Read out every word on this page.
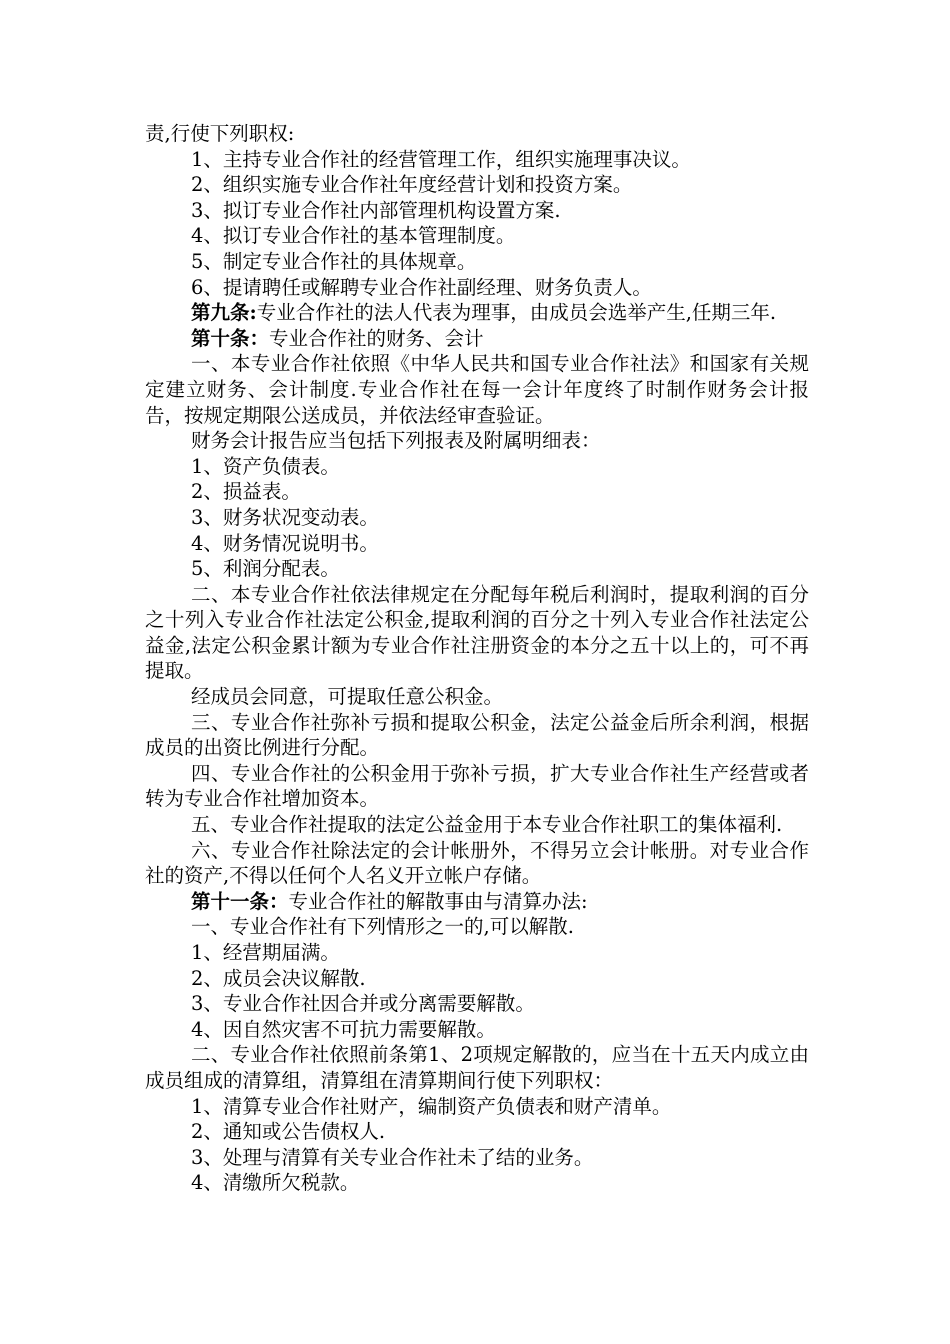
责,行使下列职权:

1、主持专业合作社的经营管理工作，组织实施理事决议。

2、组织实施专业合作社年度经营计划和投资方案。

3、拟订专业合作社内部管理机构设置方案.

4、拟订专业合作社的基本管理制度。

5、制定专业合作社的具体规章。

6、提请聘任或解聘专业合作社副经理、财务负责人。

第九条:专业合作社的法人代表为理事，由成员会选举产生,任期三年.

第十条：专业合作社的财务、会计

一、本专业合作社依照《中华人民共和国专业合作社法》和国家有关规定建立财务、会计制度.专业合作社在每一会计年度终了时制作财务会计报告，按规定期限公送成员，并依法经审查验证。

财务会计报告应当包括下列报表及附属明细表：

1、资产负债表。

2、损益表。

3、财务状况变动表。

4、财务情况说明书。

5、利润分配表。

二、本专业合作社依法律规定在分配每年税后利润时，提取利润的百分之十列入专业合作社法定公积金,提取利润的百分之十列入专业合作社法定公益金,法定公积金累计额为专业合作社注册资金的本分之五十以上的，可不再提取。

经成员会同意，可提取任意公积金。

三、专业合作社弥补亏损和提取公积金，法定公益金后所余利润，根据成员的出资比例进行分配。

四、专业合作社的公积金用于弥补亏损，扩大专业合作社生产经营或者转为专业合作社增加资本。

五、专业合作社提取的法定公益金用于本专业合作社职工的集体福利.

六、专业合作社除法定的会计帐册外，不得另立会计帐册。对专业合作社的资产,不得以任何个人名义开立帐户存储。

第十一条：专业合作社的解散事由与清算办法:

一、专业合作社有下列情形之一的,可以解散.

1、经营期届满。

2、成员会决议解散.

3、专业合作社因合并或分离需要解散。

4、因自然灾害不可抗力需要解散。

二、专业合作社依照前条第1、2项规定解散的，应当在十五天内成立由成员组成的清算组，清算组在清算期间行使下列职权：

1、清算专业合作社财产，编制资产负债表和财产清单。

2、通知或公告债权人.

3、处理与清算有关专业合作社未了结的业务。

4、清缴所欠税款。
